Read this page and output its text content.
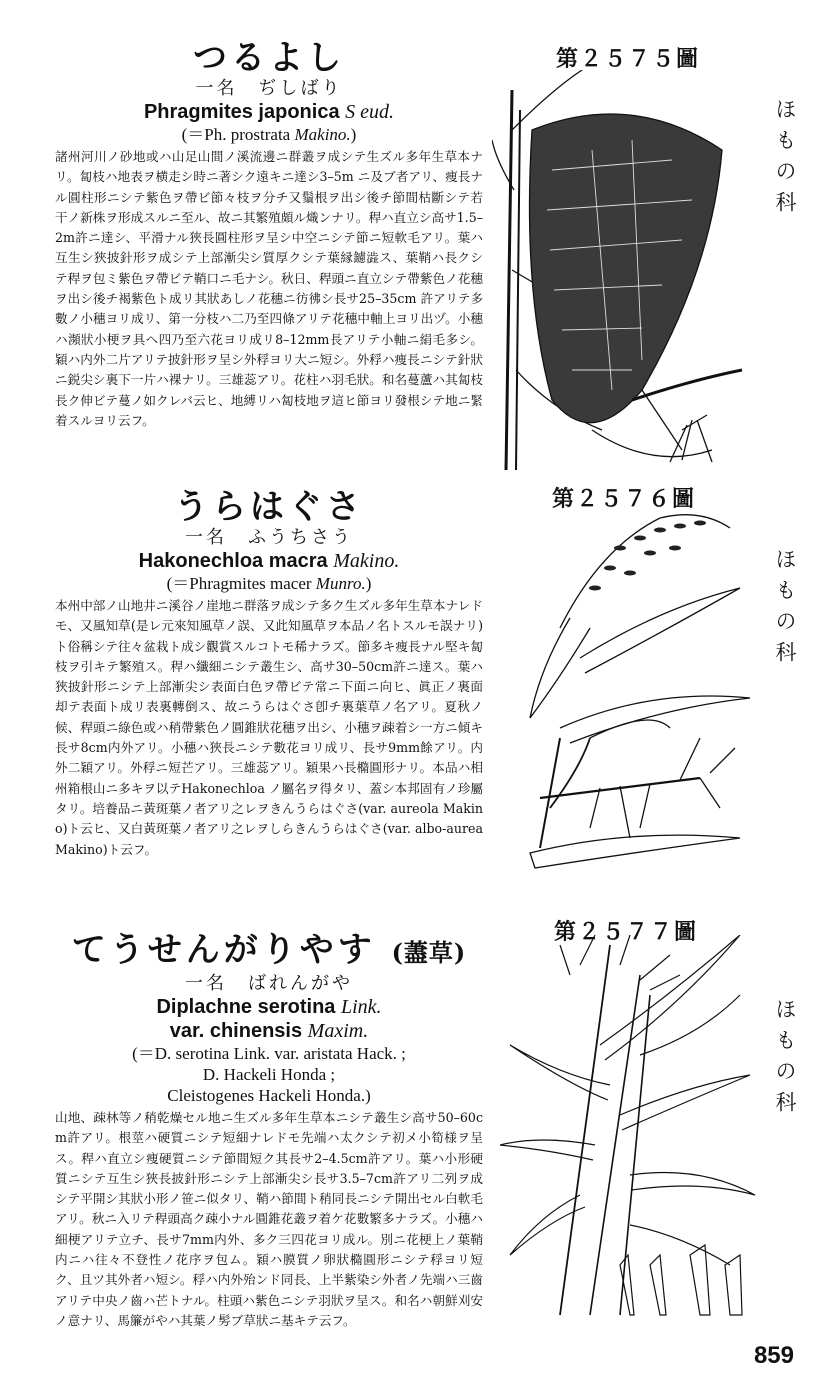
つるよし
一名　ぢしばり
Phragmites japonica S eud.
(＝Ph. prostrata Makino.)
諸州河川ノ砂地或ハ山足山間ノ溪流邊ニ群叢ヲ成シテ生ズル多年生草本ナリ。匐枝ハ地表ヲ横走シ時ニ著シク遠キニ達シ3–5m ニ及ブ者アリ、痩長ナル圓柱形ニシテ紫色ヲ帶ビ節々枝ヲ分チ又鬚根ヲ出シ後チ節間枯斷シテ若干ノ新株ヲ形成スルニ至ル、故ニ其繁殖頗ル熾ンナリ。稈ハ直立シ高サ1.5–2m許ニ達シ、平滑ナル狹長圓柱形ヲ呈シ中空ニシテ節ニ短軟毛アリ。葉ハ互生シ狹披針形ヲ成シテ上部漸尖シ質厚クシテ葉縁鑢澁ス、葉鞘ハ長クシテ稈ヲ包ミ紫色ヲ帶ビテ鞘口ニ毛ナシ。秋日、稈頭ニ直立シテ帶紫色ノ花穗ヲ出シ後チ褐紫色ト成リ其狀あしノ花穗ニ彷彿シ長サ25–35cm 許アリテ多數ノ小穗ヨリ成リ、第一分枝ハ二乃至四條アリテ花穗中軸上ヨリ出ヅ。小穗ハ瀕狀小梗ヲ具ヘ四乃至六花ヨリ成リ8–12mm長アリテ小軸ニ絹毛多シ。穎ハ内外二片アリテ披針形ヲ呈シ外稃ヨリ大ニ短シ。外稃ハ痩長ニシテ針狀ニ鋭尖シ裏下一片ハ裸ナリ。三雄蕊アリ。花柱ハ羽毛狀。和名蔓蘆ハ其匐枝長ク伸ビテ蔓ノ如クレバ云ヒ、地縛リハ匐枝地ヲ這ヒ節ヨリ發根シテ地ニ緊着スルヨリ云フ。
第２５７５圖
ほもの科
うらはぐさ
一名　ふうちさう
Hakonechloa macra Makino.
(＝Phragmites macer Munro.)
本州中部ノ山地井ニ溪谷ノ崖地ニ群落ヲ成シテ多ク生ズル多年生草本ナレドモ、又風知草(是レ元來知風草ノ誤、又此知風草ヲ本品ノ名トスルモ誤ナリ)ト俗稱シテ往々盆栽ト成シ觀賞スルコトモ稀ナラズ。節多キ痩長ナル堅キ匐枝ヲ引キテ繁殖ス。稈ハ纖細ニシテ叢生シ、高サ30–50cm許ニ達ス。葉ハ狹披針形ニシテ上部漸尖シ表面白色ヲ帶ビテ常ニ下面ニ向ヒ、眞正ノ裏面却テ表面ト成リ表裏轉倒ス、故ニうらはぐさ卽チ裏葉草ノ名アリ。夏秋ノ候、稈頭ニ綠色或ハ稍帶紫色ノ圓錐狀花穗ヲ出シ、小穗ヲ疎着シ一方ニ傾キ長サ8cm内外アリ。小穗ハ狹長ニシテ數花ヨリ成リ、長サ9mm餘アリ。内外二穎アリ。外稃ニ短芒アリ。三雄蕊アリ。穎果ハ長橢圓形ナリ。本品ハ相州箱根山ニ多キヲ以テHakonechloa ノ屬名ヲ得タリ、蓋シ本邦固有ノ珍屬タリ。培養品ニ黃斑葉ノ者アリ之レヲきんうらはぐさ(var. aureola Makino)ト云ヒ、又白黃斑葉ノ者アリ之レヲしらきんうらはぐさ(var. albo-aurea Makino)ト云フ。
第２５７６圖
ほもの科
てうせんがりやす (藎草)
一名　ばれんがや
Diplachne serotina Link.
var. chinensis Maxim.
(＝D. serotina Link. var. aristata Hack. ;
D. Hackeli Honda ;
Cleistogenes Hackeli Honda.)
山地、疎林等ノ稍乾燥セル地ニ生ズル多年生草本ニシテ叢生シ高サ50–60cm許アリ。根莖ハ硬質ニシテ短細ナレドモ先端ハ太クシテ初メ小筍様ヲ呈ス。稈ハ直立シ痩硬質ニシテ節間短ク其長サ2–4.5cm許アリ。葉ハ小形硬質ニシテ互生シ狹長披針形ニシテ上部漸尖シ長サ3.5–7cm許アリ二列ヲ成シテ平開シ其狀小形ノ笹ニ似タリ、鞘ハ節間ト稍同長ニシテ開出セル白軟毛アリ。秋ニ入リテ稈頭高ク疎小ナル圓錐花叢ヲ着ケ花數繁多ナラズ。小穗ハ細梗アリテ立チ、長サ7mm内外、多ク三四花ヨリ成ル。別ニ花梗上ノ葉鞘内ニハ往々不登性ノ花序ヲ包ム。穎ハ膜質ノ卵狀橢圓形ニシテ稃ヨリ短ク、且ツ其外者ハ短シ。稃ハ内外殆ンド同長、上半紫染シ外者ノ先端ハ三齒アリテ中央ノ齒ハ芒トナル。柱頭ハ紫色ニシテ羽狀ヲ呈ス。和名ハ朝鮮刈安ノ意ナリ、馬簾がやハ其葉ノ髣ブ草狀ニ基キテ云フ。
第２５７７圖
ほもの科
859
